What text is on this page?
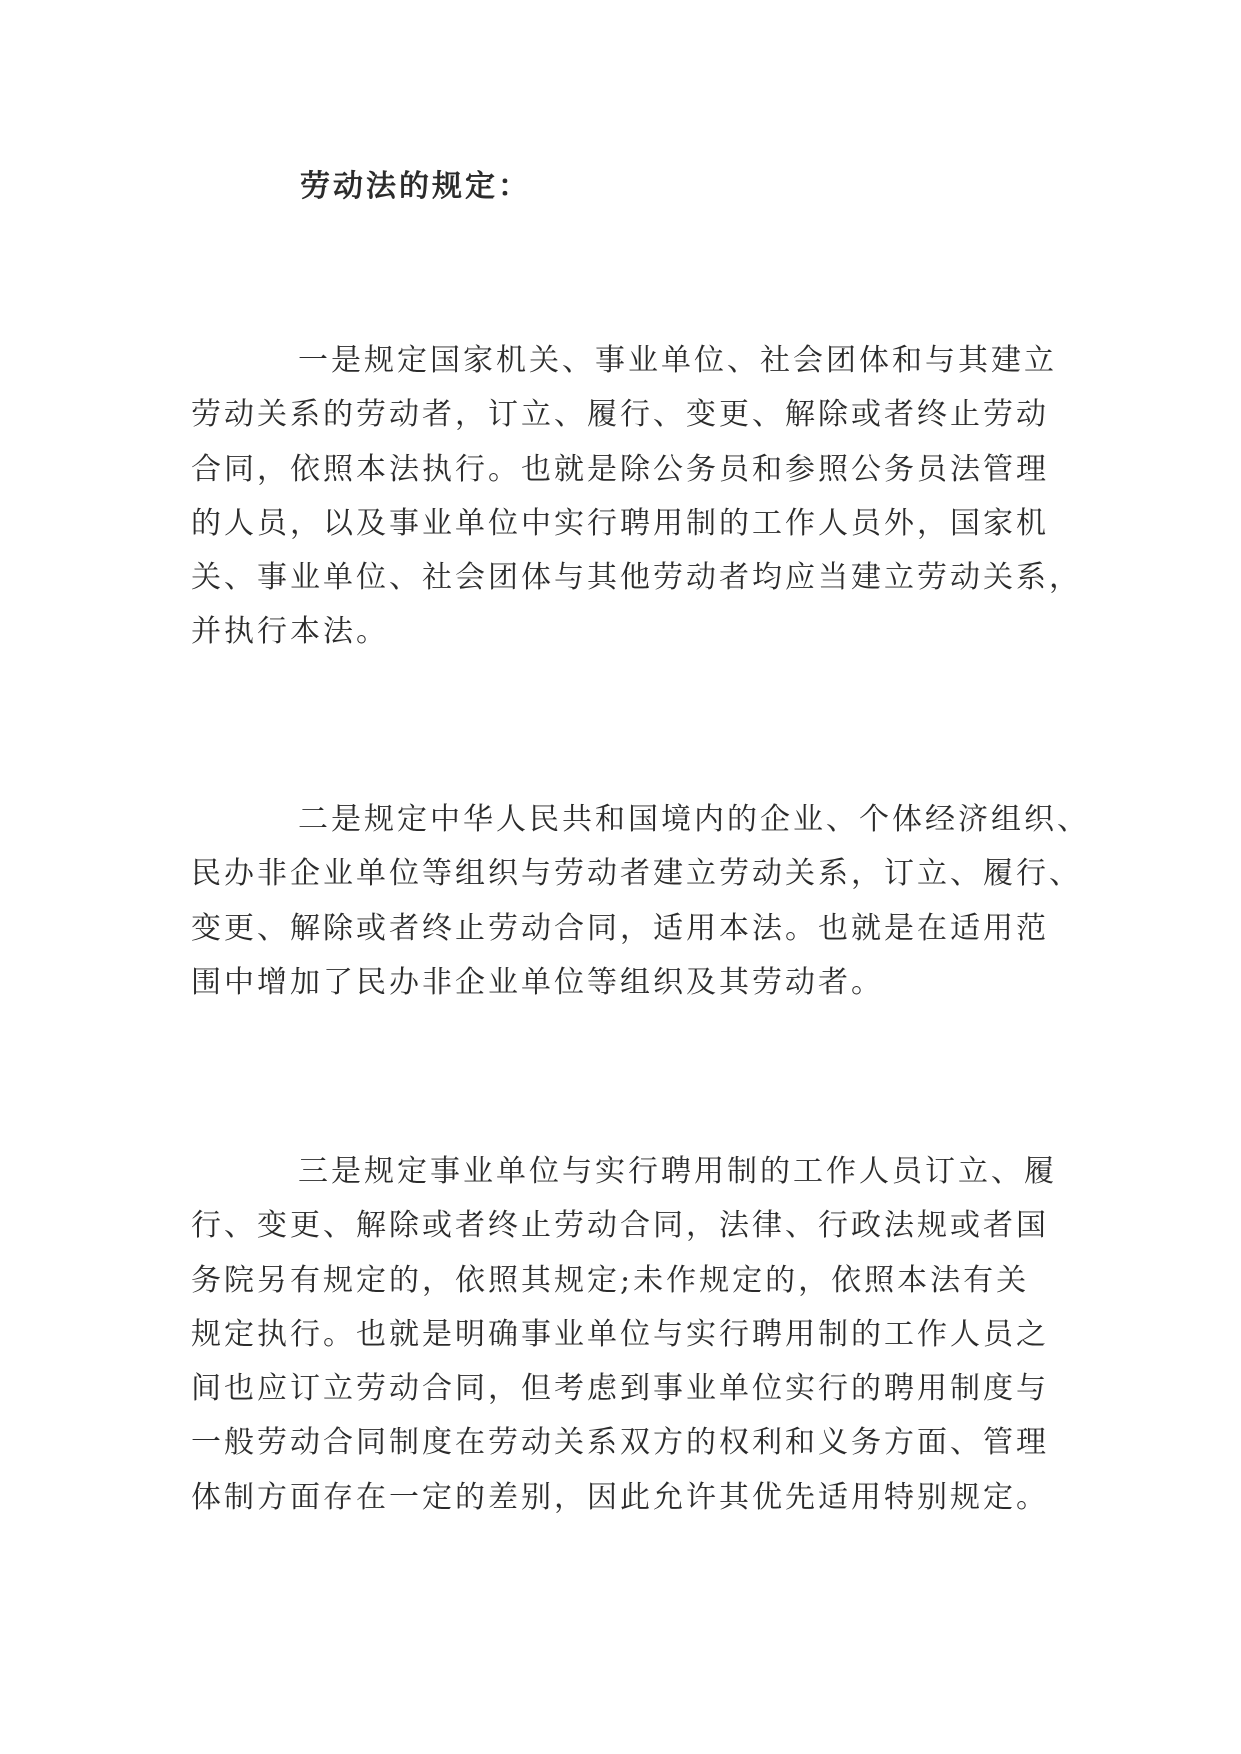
劳动法的规定：
一是规定国家机关、事业单位、社会团体和与其建立
劳动关系的劳动者，订立、履行、变更、解除或者终止劳动
合同，依照本法执行。也就是除公务员和参照公务员法管理
的人员，以及事业单位中实行聘用制的工作人员外，国家机
关、事业单位、社会团体与其他劳动者均应当建立劳动关系，
并执行本法。
二是规定中华人民共和国境内的企业、个体经济组织、
民办非企业单位等组织与劳动者建立劳动关系，订立、履行、
变更、解除或者终止劳动合同，适用本法。也就是在适用范
围中增加了民办非企业单位等组织及其劳动者。
三是规定事业单位与实行聘用制的工作人员订立、履
行、变更、解除或者终止劳动合同，法律、行政法规或者国
务院另有规定的，依照其规定;未作规定的，依照本法有关
规定执行。也就是明确事业单位与实行聘用制的工作人员之
间也应订立劳动合同，但考虑到事业单位实行的聘用制度与
一般劳动合同制度在劳动关系双方的权利和义务方面、管理
体制方面存在一定的差别，因此允许其优先适用特别规定。
